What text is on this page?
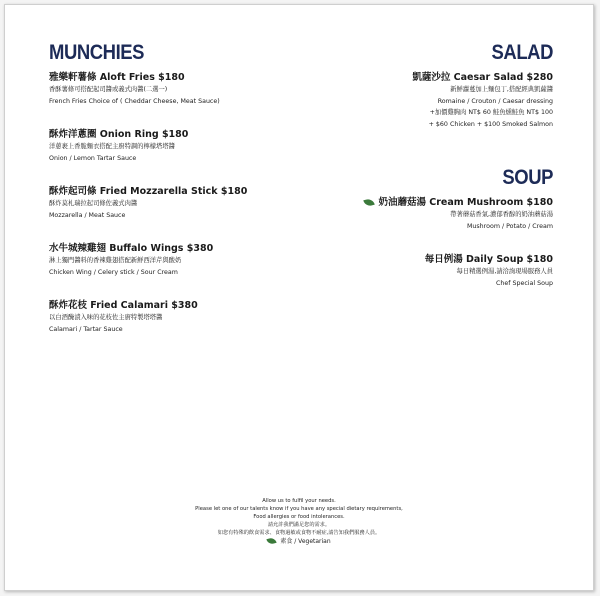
MUNCHIES
雅樂軒薯條 Aloft Fries $180
香酥薯條可搭配起司醬或義式肉醬(二選一)
French Fries Choice of ( Cheddar Cheese, Meat Sauce)
酥炸洋蔥圈 Onion Ring $180
洋蔥裹上香脆麵衣搭配主廚特調的檸檬塔塔醬
Onion / Lemon Tartar Sauce
酥炸起司條 Fried Mozzarella Stick $180
酥炸莫札瑞拉起司條佐義式肉醬
Mozzarella / Meat Sauce
水牛城辣雞翅 Buffalo Wings $380
淋上獨門醬料的香辣雞翅搭配新鮮西洋芹與酸奶
Chicken Wing / Celery stick / Sour Cream
酥炸花枝 Fried Calamari $380
以白酒醃漬入味的花枝佐主廚特製塔塔醬
Calamari / Tartar Sauce
SALAD
凱薩沙拉 Caesar Salad $280
新鮮蘿蔓加上麵包丁,搭配經典凱薩醬
Romaine / Crouton / Caesar dressing
+加價雞胸肉 NT$ 60 鮭魚燻鮭魚 NT$ 100
+ $60 Chicken + $100 Smoked Salmon
SOUP
奶油蘑菇湯 Cream Mushroom $180
帶著蘑菇香氣,濃郁香醇的奶油蘑菇湯
Mushroom / Potato / Cream
每日例湯 Daily Soup $180
每日精選例湯,請洽詢現場服務人員
Chef Special Soup
Allow us to fulfil your needs.
Please let one of our talents know if you have any special dietary requirements,
Food allergies or food intolerances.
請允許我們滿足您的需求。
如您有特殊的飲食需求、食物過敏或食物不耐症,請告知我們服務人員。
素食 / Vegetarian
